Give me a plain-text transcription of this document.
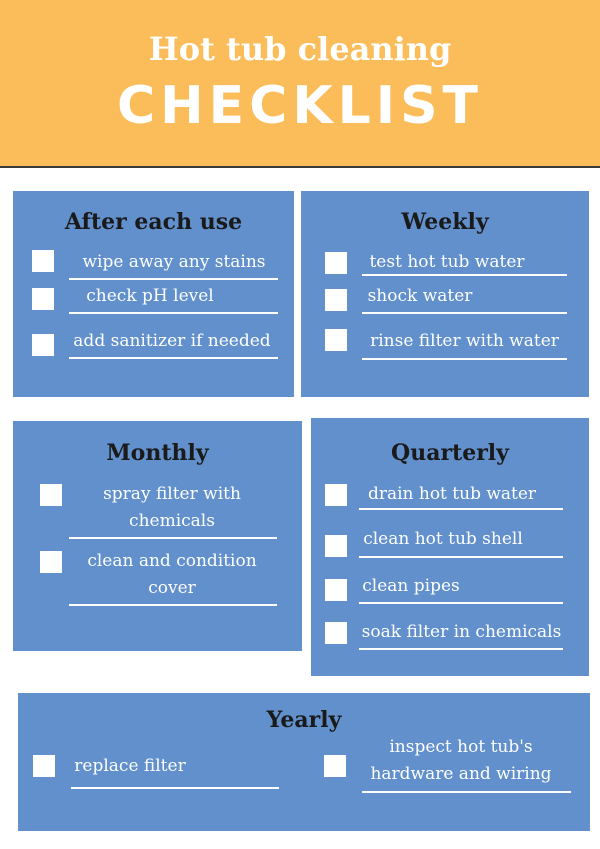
Hot tub cleaning
CHECKLIST
After each use
wipe away any stains
check pH level
add sanitizer if needed
Weekly
test hot tub water
shock water
rinse filter with water
Monthly
spray filter with
chemicals
clean and condition
cover
Quarterly
drain hot tub water
clean hot tub shell
clean pipes
soak filter in chemicals
Yearly
replace filter
inspect hot tub's
hardware and wiring
